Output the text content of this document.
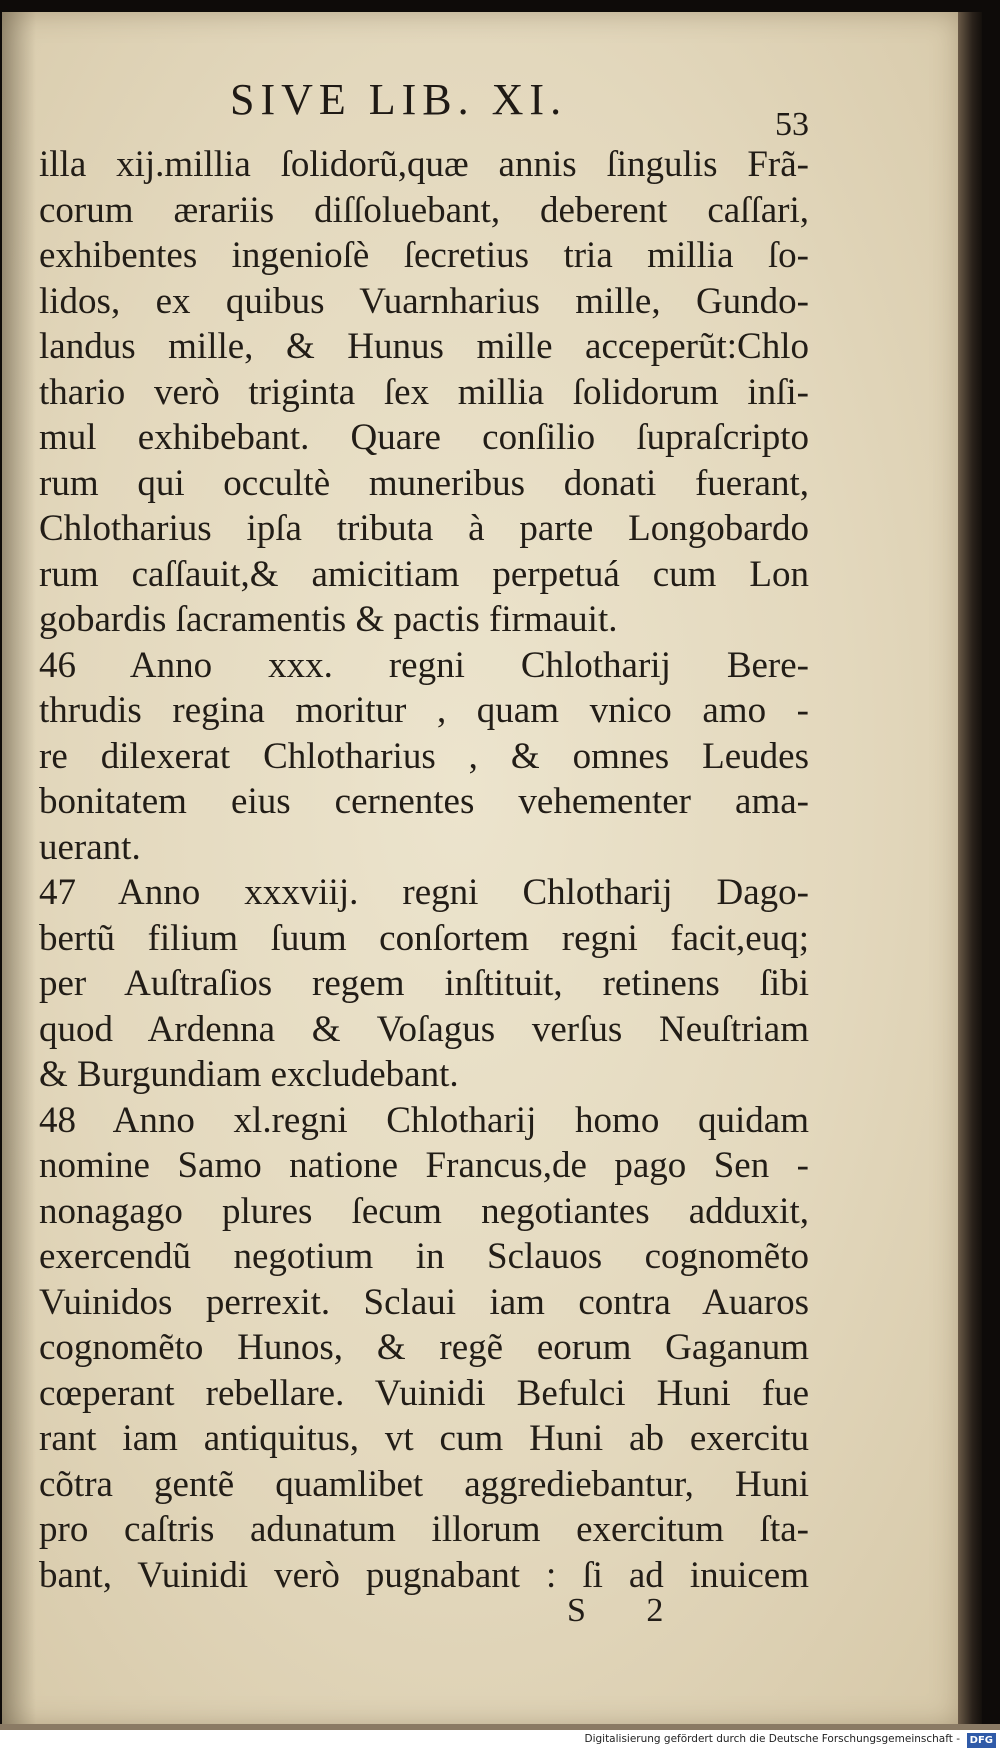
SIVE LIB. XI.
53
illa xij.millia ſolidorũ,quæ annis ſingulis Frã-
corum ærariis diſſoluebant, deberent caſſari,
exhibentes ingenioſè ſecretius tria millia ſo-
lidos, ex quibus Vuarnharius mille, Gundo-
landus mille, & Hunus mille acceperũt:Chlo
thario verò triginta ſex millia ſolidorum inſi-
mul exhibebant. Quare conſilio ſupraſcripto
rum qui occultè muneribus donati fuerant,
Chlotharius ipſa tributa à parte Longobardo
rum caſſauit,& amicitiam perpetuá cum Lon
gobardis ſacramentis & pactis firmauit.
46 Anno xxx. regni Chlotharij Bere-
thrudis regina moritur , quam vnico amo -
re dilexerat Chlotharius , & omnes Leudes
bonitatem eius cernentes vehementer ama-
uerant.
47 Anno xxxviij. regni Chlotharij Dago-
bertũ filium ſuum conſortem regni facit,euq;
per Auſtraſios regem inſtituit, retinens ſibi
quod Ardenna & Voſagus verſus Neuſtriam
& Burgundiam excludebant.
48 Anno xl.regni Chlotharij homo quidam
nomine Samo natione Francus,de pago Sen -
nonagago plures ſecum negotiantes adduxit,
exercendũ negotium in Sclauos cognomẽto
Vuinidos perrexit. Sclaui iam contra Auaros
cognomẽto Hunos, & regẽ eorum Gaganum
cœperant rebellare. Vuinidi Befulci Huni fue
rant iam antiquitus, vt cum Huni ab exercitu
cõtra gentẽ quamlibet aggrediebantur, Huni
pro caſtris adunatum illorum exercitum ſta-
bant, Vuinidi verò pugnabant : ſi ad inuicem
S 2
Digitalisierung gefördert durch die Deutsche Forschungsgemeinschaft - DFG
